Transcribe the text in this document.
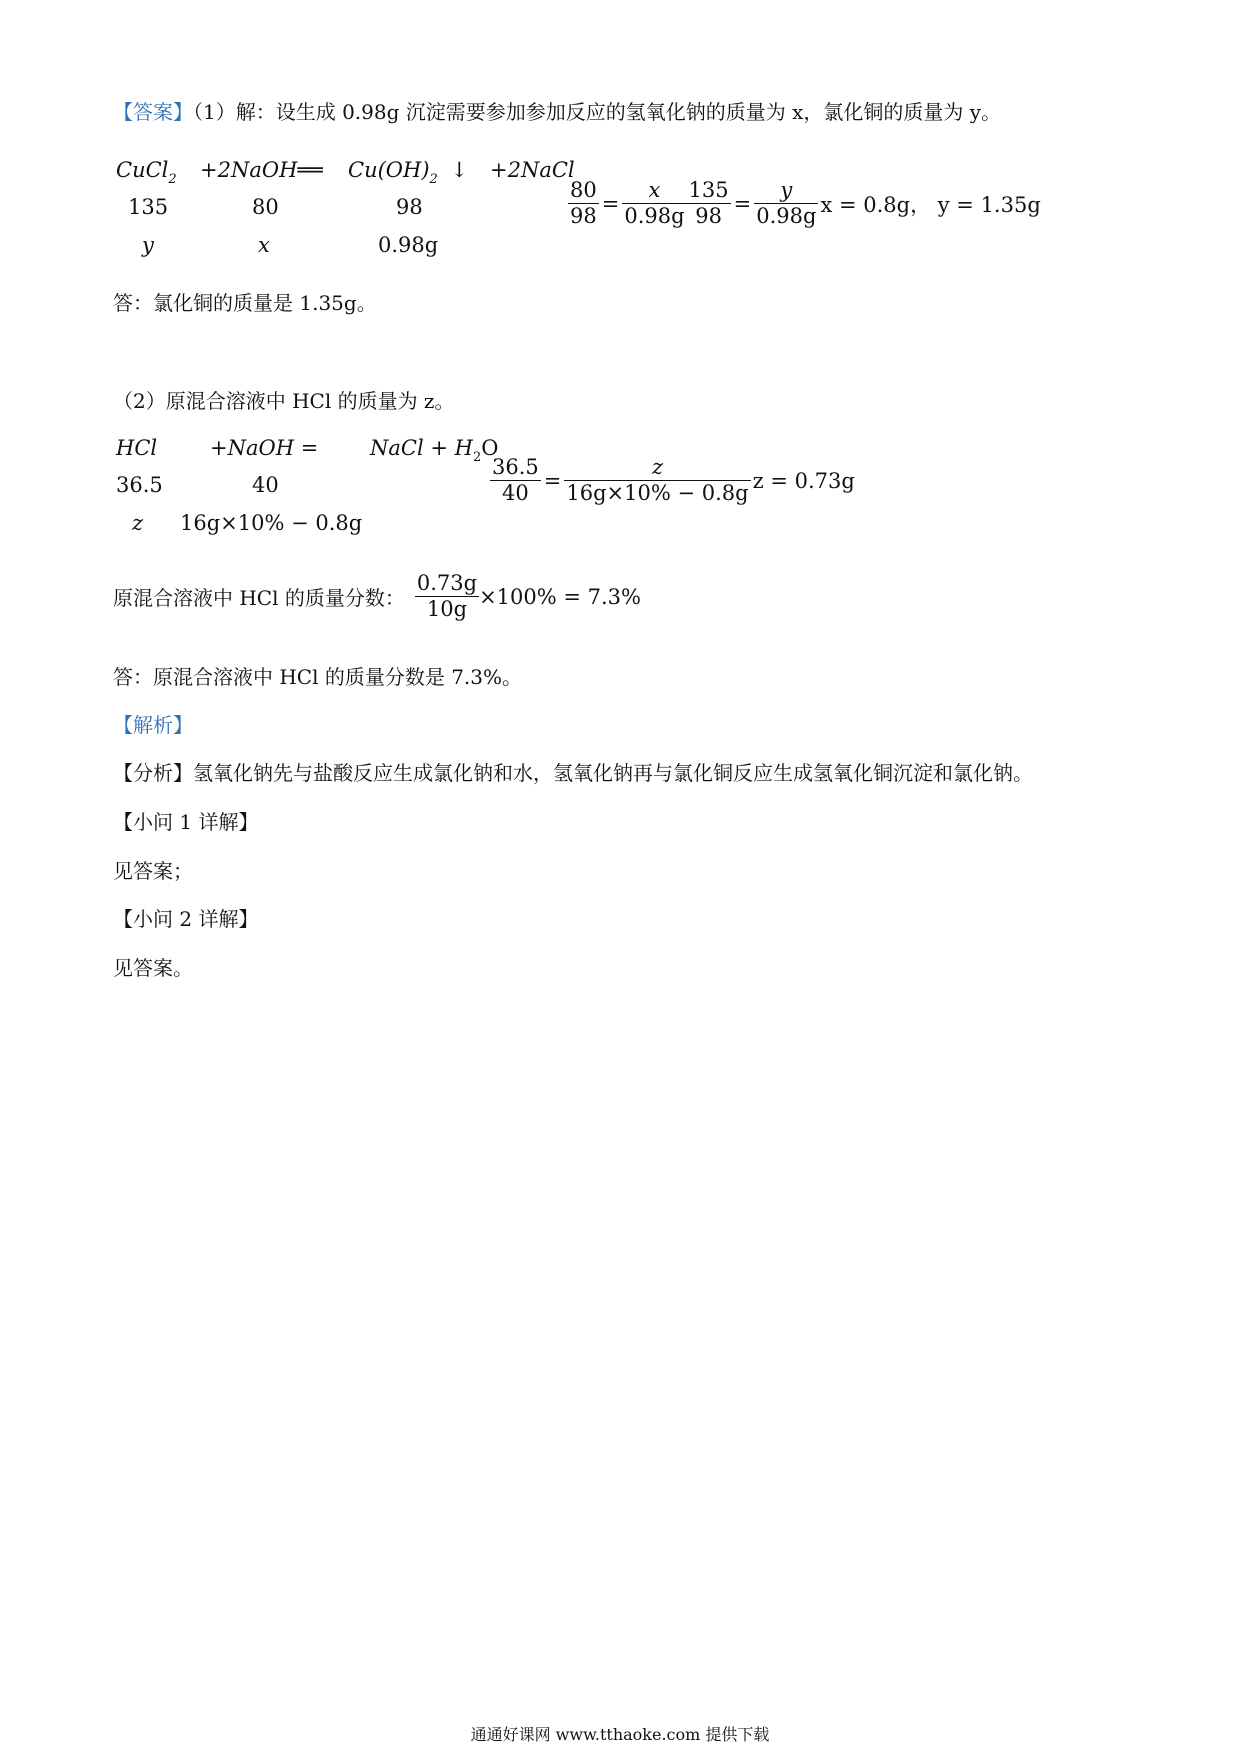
【答案】（1）解：设生成 0.98g 沉淀需要参加参加反应的氢氧化钠的质量为 x，氯化铜的质量为 y。
CuCl$_2$ +2NaOH══ $Cu(OH)_2$ ↓ +2NaCl
135	80	98
y	x	0.98g
$\frac{80}{98} = \frac{x}{0.98g} \frac{135}{98} = \frac{y}{0.98g}$ x = 0.8g， y = 1.35g
答：氯化铜的质量是 1.35g。
（2）原混合溶液中 HCl 的质量为 z。
HCl	+NaOH = NaCl + $H_2O$
36.5	40
z 16g×10% − 0.8g
$\frac{36.5}{40} = \frac{z}{16g\times 10\% - 0.8g}$ z = 0.73g
原混合溶液中 HCl 的质量分数： $\frac{0.73g}{10g} \times 100\% = 7.3\%$
答：原混合溶液中 HCl 的质量分数是 7.3%。
【解析】
【分析】氢氧化钠先与盐酸反应生成氯化钠和水，氢氧化钠再与氯化铜反应生成氢氧化铜沉淀和氯化钠。
【小问 1 详解】
见答案；
【小问 2 详解】
见答案。
通通好课网 www.tthaoke.com 提供下载
